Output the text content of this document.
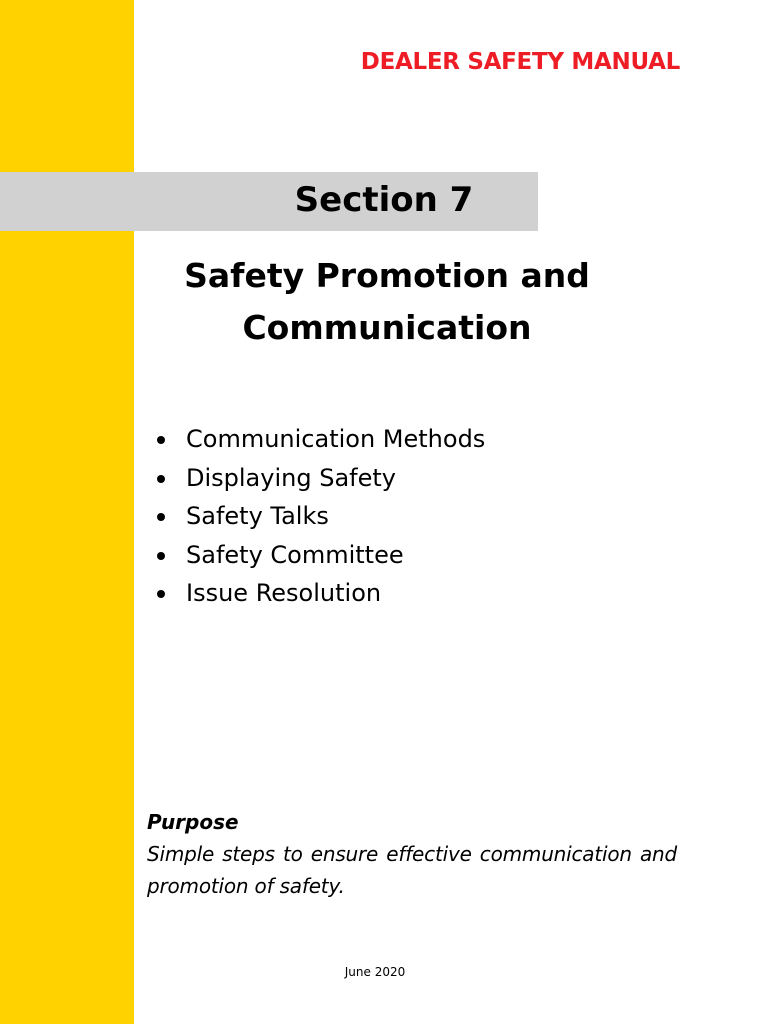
DEALER SAFETY MANUAL
Section 7
Safety Promotion and Communication
Communication Methods
Displaying Safety
Safety Talks
Safety Committee
Issue Resolution
Purpose
Simple steps to ensure effective communication and promotion of safety.
June 2020
